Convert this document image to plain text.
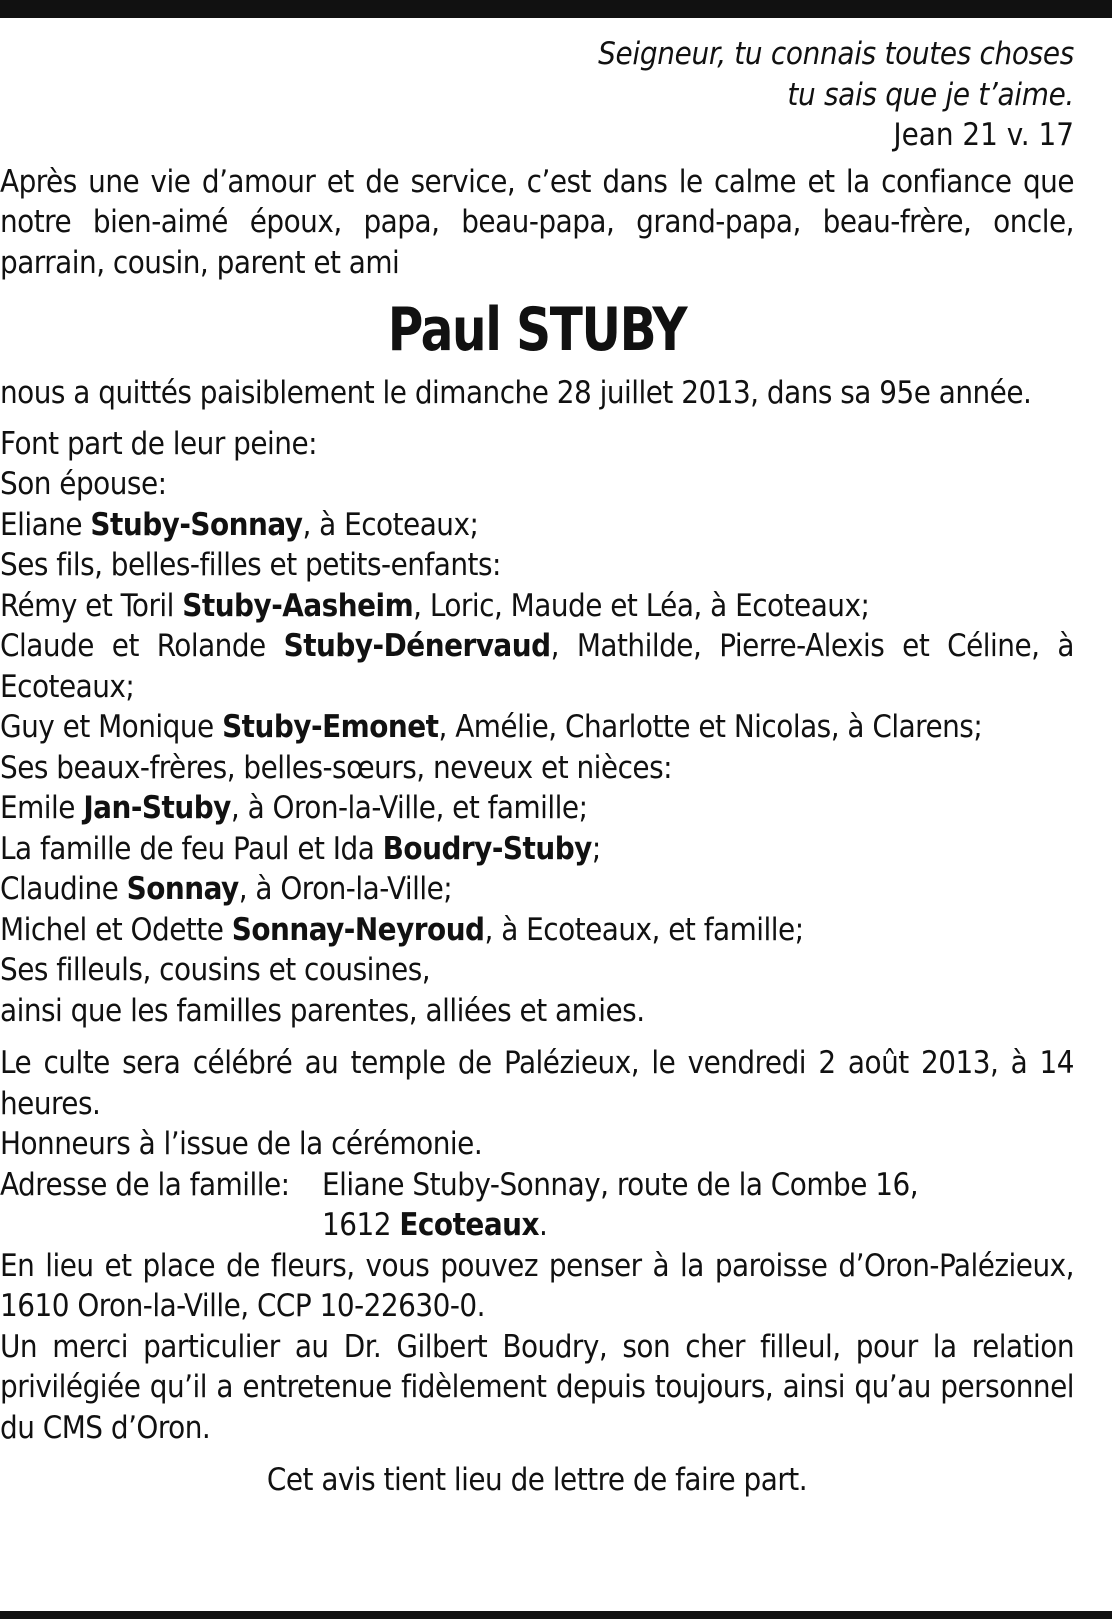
Seigneur, tu connais toutes choses
tu sais que je t’aime.
Jean 21 v. 17
Après une vie d’amour et de service, c’est dans le calme et la confiance que notre bien-aimé époux, papa, beau-papa, grand-papa, beau-frère, oncle, parrain, cousin, parent et ami
Paul STUBY
nous a quittés paisiblement le dimanche 28 juillet 2013, dans sa 95e année.
Font part de leur peine:
Son épouse:
Eliane Stuby-Sonnay, à Ecoteaux;
Ses fils, belles-filles et petits-enfants:
Rémy et Toril Stuby-Aasheim, Loric, Maude et Léa, à Ecoteaux;
Claude et Rolande Stuby-Dénervaud, Mathilde, Pierre-Alexis et Céline, à Ecoteaux;
Guy et Monique Stuby-Emonet, Amélie, Charlotte et Nicolas, à Clarens;
Ses beaux-frères, belles-sœurs, neveux et nièces:
Emile Jan-Stuby, à Oron-la-Ville, et famille;
La famille de feu Paul et Ida Boudry-Stuby;
Claudine Sonnay, à Oron-la-Ville;
Michel et Odette Sonnay-Neyroud, à Ecoteaux, et famille;
Ses filleuls, cousins et cousines,
ainsi que les familles parentes, alliées et amies.
Le culte sera célébré au temple de Palézieux, le vendredi 2 août 2013, à 14 heures.
Honneurs à l’issue de la cérémonie.
Adresse de la famille:	Eliane Stuby-Sonnay, route de la Combe 16,
1612 Ecoteaux.
En lieu et place de fleurs, vous pouvez penser à la paroisse d’Oron-Palézieux, 1610 Oron-la-Ville, CCP 10-22630-0.
Un merci particulier au Dr. Gilbert Boudry, son cher filleul, pour la relation privilégiée qu’il a entretenue fidèlement depuis toujours, ainsi qu’au personnel du CMS d’Oron.
Cet avis tient lieu de lettre de faire part.
